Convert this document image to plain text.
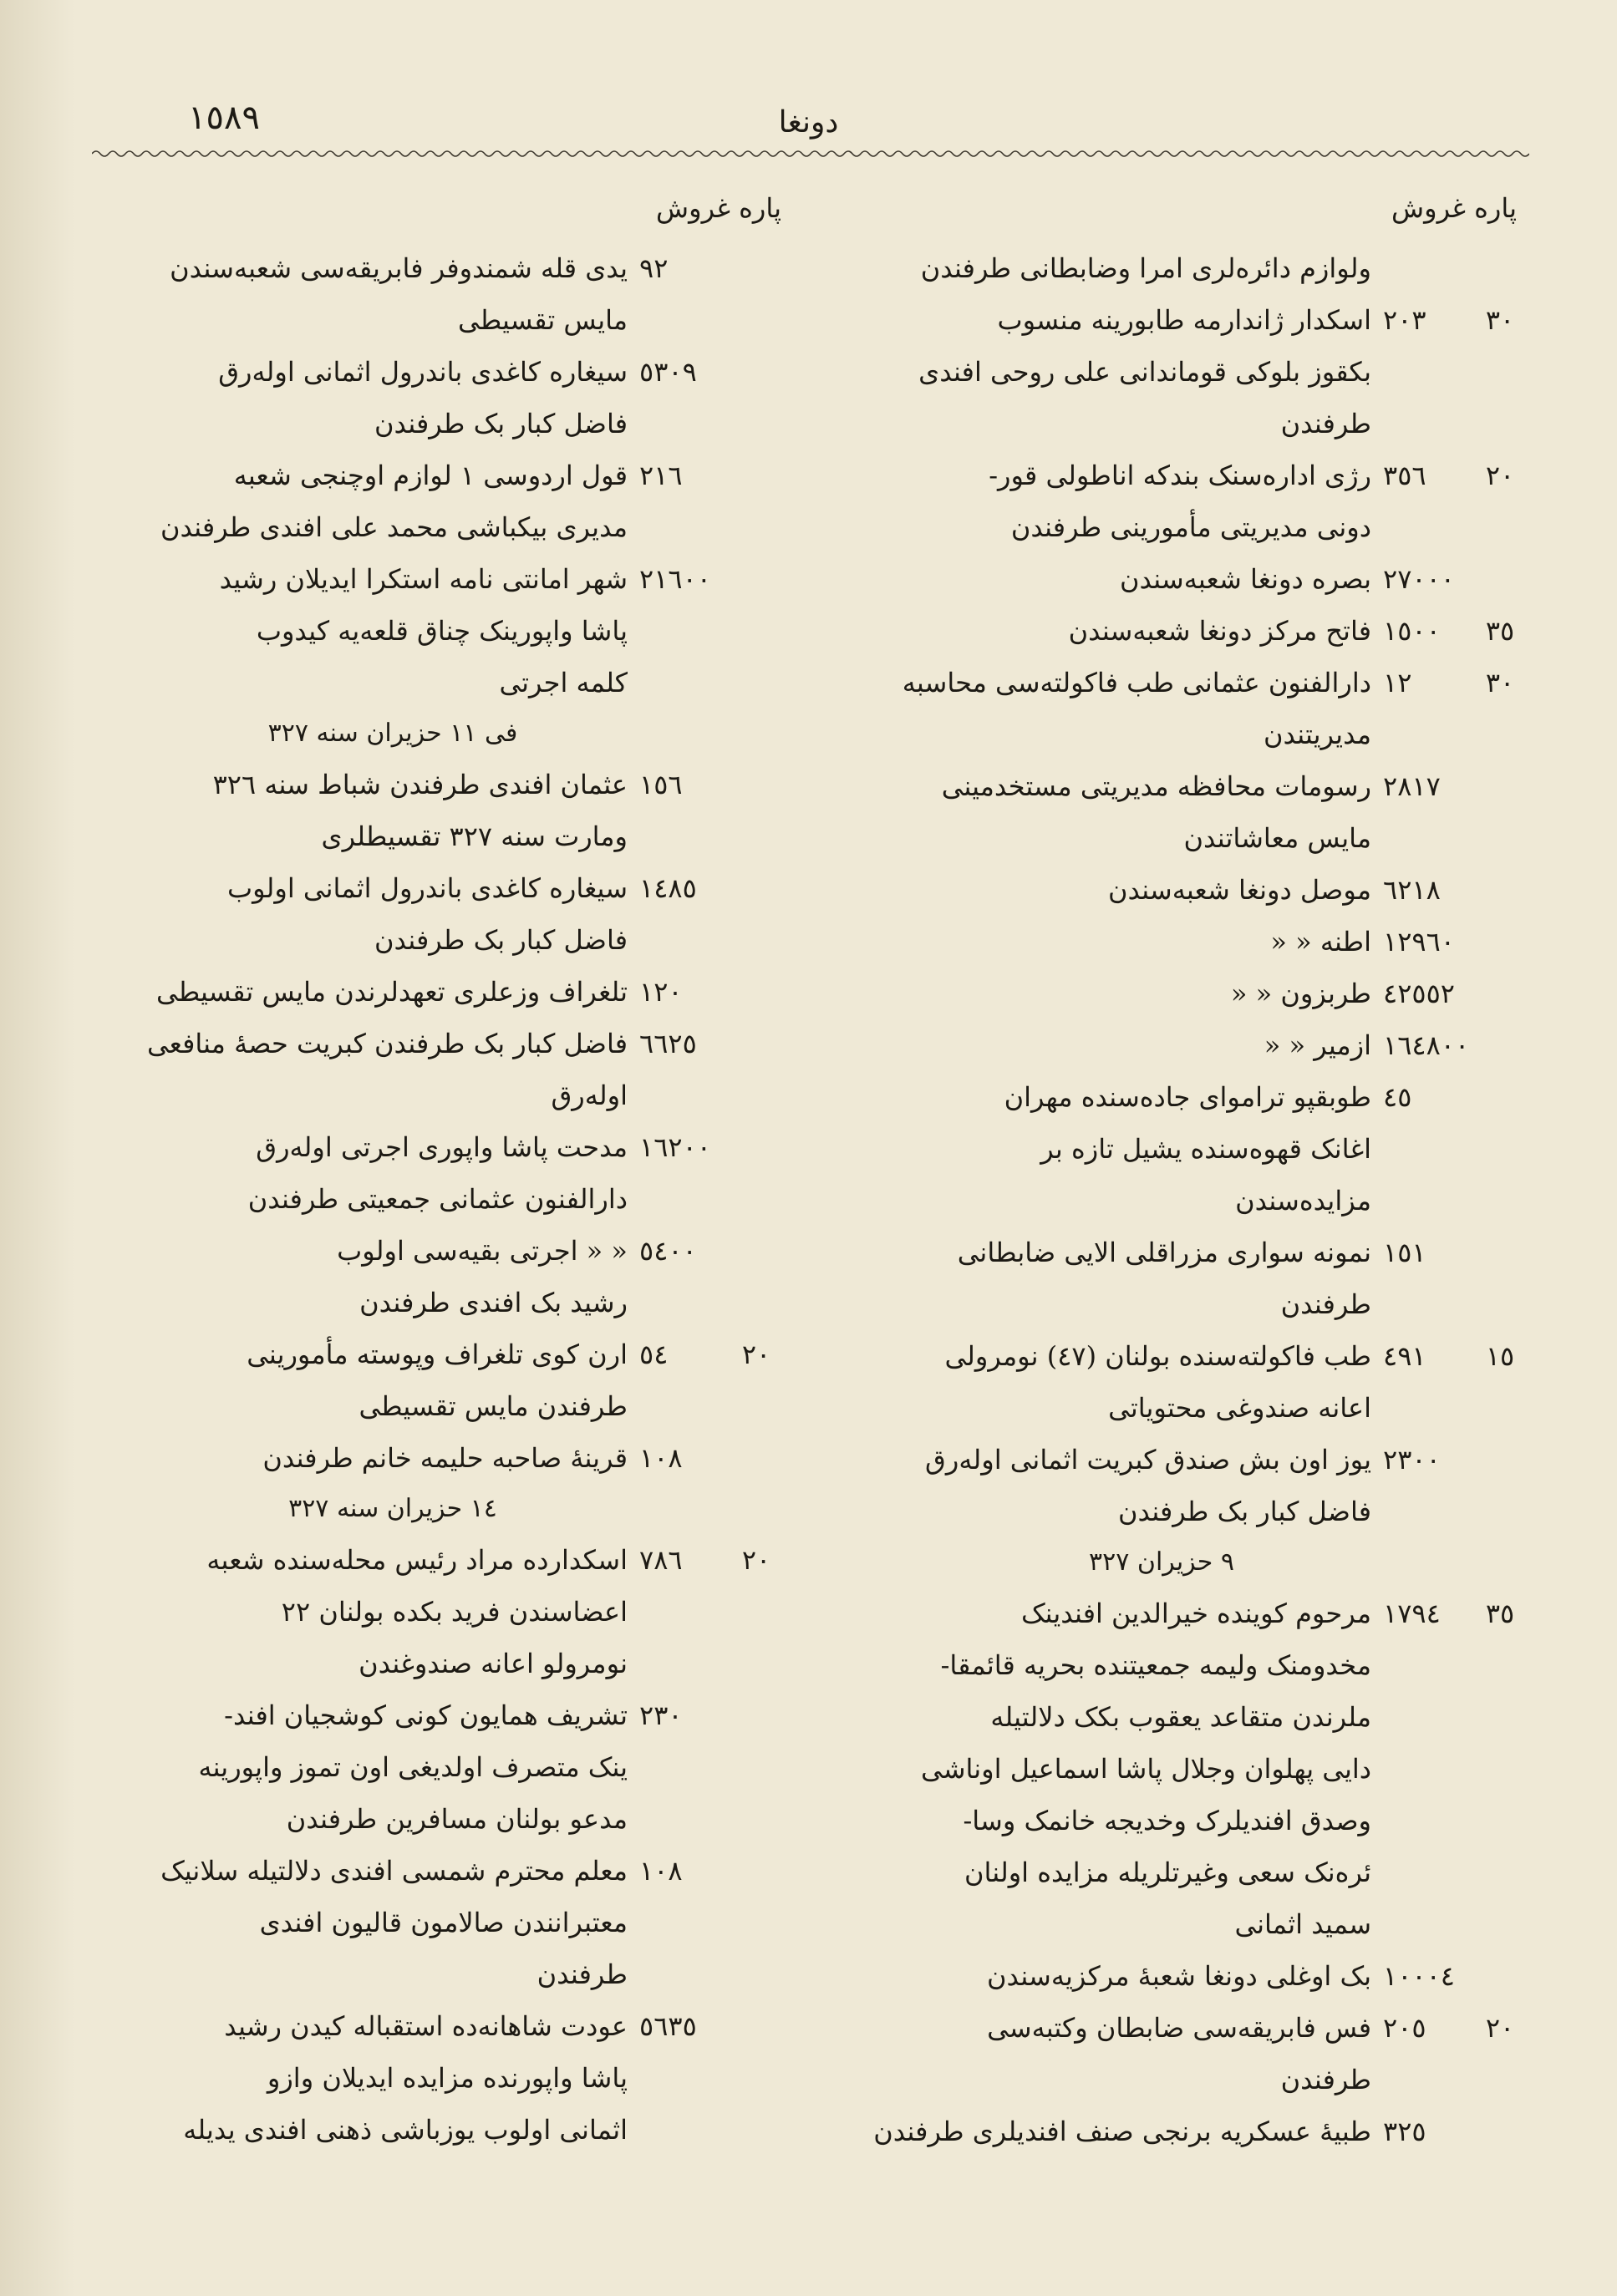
١٥٨٩	دونغا
پاره غروش
پاره غروش
ولوازم دائره‌لری امرا وضابطانی طرفندن
٣٠
٢٠٣
اسکدار ژاندارمه طابورینه منسوب
بکقوز بلوکی قوماندانی علی روحی افندی
طرفندن
٢٠
٣٥٦
رژی اداره‌سنک بندکه اناطولی قور-
دونی مدیریتی مأمورینی طرفندن
٢٧٠٠٠
بصره دونغا شعبه‌سندن
٣٥
١٥٠٠
فاتح مرکز دونغا شعبه‌سندن
٣٠
١٢
دارالفنون عثمانی طب فاکولته‌سی محاسبه
مدیریتندن
٢٨١٧
رسومات محافظه مدیریتی مستخدمینی
مایس معاشاتندن
٦٢١٨
موصل دونغا شعبه‌سندن
١٢٩٦٠
اطنه « «
٤٢٥٥٢
طربزون « «
١٦٤٨٠٠
ازمیر « «
٤٥
طوبقپو ترامواى جاده‌سنده مهران
اغانک قهوه‌سنده یشیل تازه بر
مزایده‌سندن
١٥١
نمونه سواری مزراقلی الایی ضابطانی
طرفندن
١٥
٤٩١
طب فاکولته‌سنده بولنان (٤٧) نومرولی
اعانه صندوغی محتویاتی
٢٣٠٠
یوز اون بش صندق کبریت اثمانی اوله‌رق
فاضل کبار بک طرفندن
٩ حزیران ٣٢٧
٣٥
١٧٩٤
مرحوم کوینده خیرالدین افندینک
مخدومنک ولیمه جمعیتنده بحریه قائمقا-
ملرندن متقاعد یعقوب بکک دلالتیله
دایی پهلوان وجلال پاشا اسماعیل اوناشی
وصدق افندیلرک وخدیجه خانمک وسا-
ئره‌نک سعی وغیرتلریله مزایده اولنان
سمید اثمانی
١٠٠٠٤
بک اوغلی دونغا شعبهٔ مرکزیه‌سندن
٢٠
٢٠٥
فس فابریقه‌سی ضابطان وکتبه‌سی
طرفندن
٣٢٥
طبیهٔ عسکریه برنجی صنف افندیلری طرفندن
٩٢
یدی قله شمندوفر فابریقه‌سی شعبه‌سندن
مایس تقسیطی
٥٣٠٩
سیغاره کاغدی باندرول اثمانی اوله‌رق
فاضل کبار بک طرفندن
٢١٦
قول اردوسی ١ لوازم اوچنجی شعبه
مدیری بیکباشی محمد علی افندی طرفندن
٢١٦٠٠
شهر امانتی نامه استکرا ایدیلان رشید
پاشا واپورینک چناق قلعه‌یه کیدوب
کلمه اجرتی
فی ١١ حزیران سنه ٣٢٧
١٥٦
عثمان افندی طرفندن شباط سنه ٣٢٦
ومارت سنه ٣٢٧ تقسیطلری
١٤٨٥
سیغاره کاغدی باندرول اثمانی اولوب
فاضل کبار بک طرفندن
١٢٠
تلغراف وزعلری تعهدلرندن مایس تقسیطی
٦٦٢٥
فاضل کبار بک طرفندن کبریت حصهٔ منافعی
اوله‌رق
١٦٢٠٠
مدحت پاشا واپوری اجرتی اوله‌رق
دارالفنون عثمانی جمعیتی طرفندن
٥٤٠٠
« « اجرتی بقیه‌سی اولوب
رشید بک افندی طرفندن
٢٠
٥٤
ارن کوی تلغراف وپوسته مأمورینی
طرفندن مایس تقسیطی
١٠٨
قرینهٔ صاحبه حلیمه خانم طرفندن
١٤ حزیران سنه ٣٢٧
٢٠
٧٨٦
اسکدارده مراد رئیس محله‌سنده شعبه
اعضاسندن فرید بکده بولنان ٢٢
نومرولو اعانه صندوغندن
٢٣٠
تشریف همایون کونی کوشجیان افند-
ینک متصرف اولدیغی اون تموز واپورینه
مدعو بولنان مسافرین طرفندن
١٠٨
معلم محترم شمسی افندی دلالتیله سلانیک
معتبرانندن صالامون قالیون افندی
طرفندن
٥٦٣٥
عودت شاهانه‌ده استقباله کیدن رشید
پاشا واپورنده مزایده ایدیلان وازو
اثمانی اولوب یوزباشی ذهنی افندی یدیله
